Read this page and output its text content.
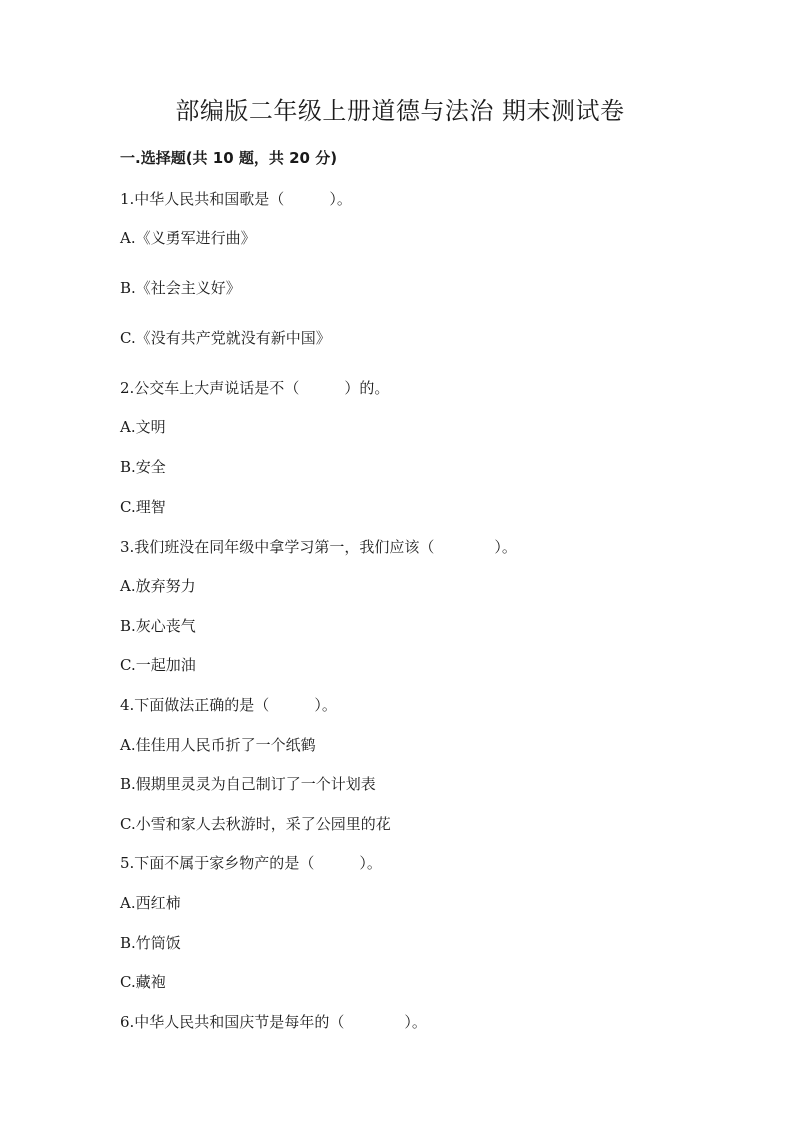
部编版二年级上册道德与法治 期末测试卷
一.选择题(共 10 题，共 20 分)
1.中华人民共和国歌是（　　　）。
A.《义勇军进行曲》
B.《社会主义好》
C.《没有共产党就没有新中国》
2.公交车上大声说话是不（　　　）的。
A.文明
B.安全
C.理智
3.我们班没在同年级中拿学习第一，我们应该（　　　　）。
A.放弃努力
B.灰心丧气
C.一起加油
4.下面做法正确的是（　　　）。
A.佳佳用人民币折了一个纸鹤
B.假期里灵灵为自己制订了一个计划表
C.小雪和家人去秋游时，采了公园里的花
5.下面不属于家乡物产的是（　　　）。
A.西红柿
B.竹筒饭
C.藏袍
6.中华人民共和国庆节是每年的（　　　　）。
